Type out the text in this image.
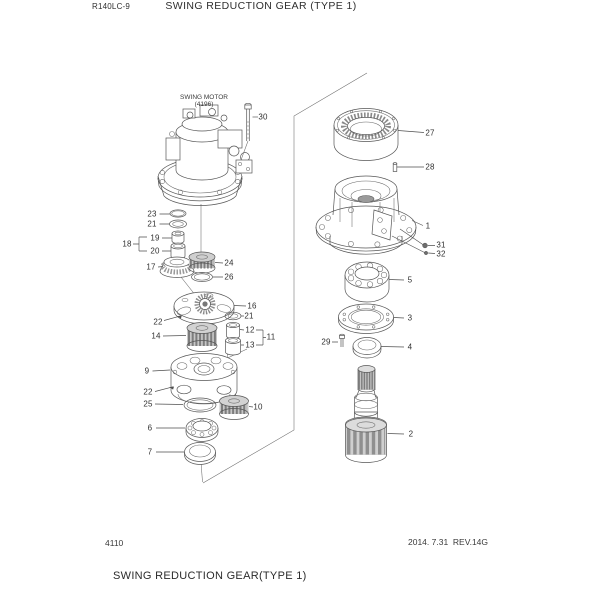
R140LC-9	SWING REDUCTION GEAR (TYPE 1)
SWING MOTOR
(4196)
30
27
28
1
31
32
5
3
29
4
2
23
21
19
18
20
17	24
26
16
22
21
12
11
13
14
9
22
25	10
6
7
4110	2014. 7.31  REV.14G
SWING REDUCTION GEAR(TYPE 1)
